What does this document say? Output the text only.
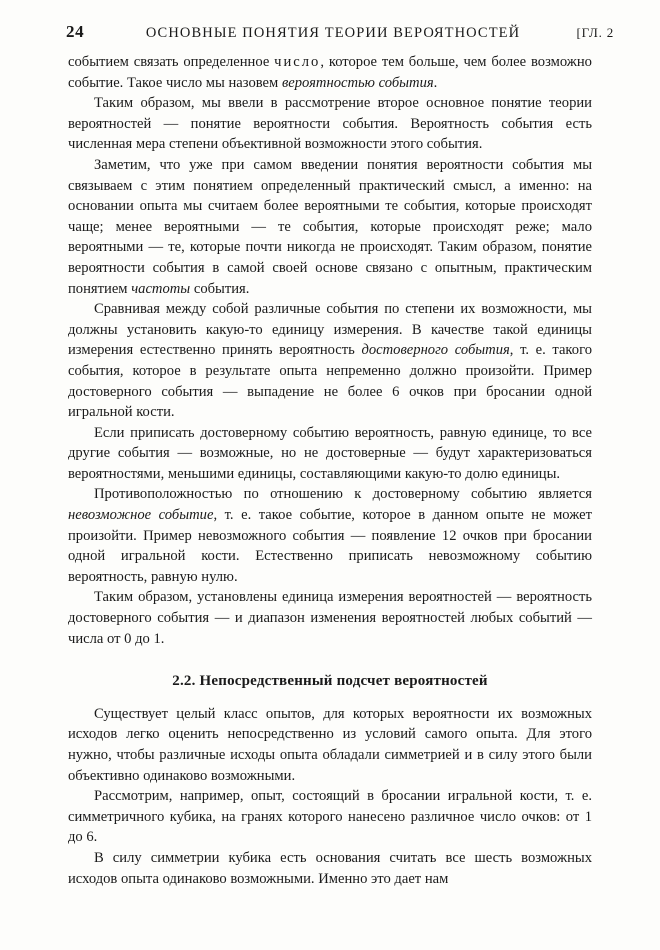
24	ОСНОВНЫЕ ПОНЯТИЯ ТЕОРИИ ВЕРОЯТНОСТЕЙ	[ГЛ. 2

событием связать определенное число, которое тем больше, чем более возможно событие. Такое число мы назовем вероятностью события.

Таким образом, мы ввели в рассмотрение второе основное понятие теории вероятностей — понятие вероятности события. Вероятность события есть численная мера степени объективной возможности этого события.

Заметим, что уже при самом введении понятия вероятности события мы связываем с этим понятием определенный практический смысл, а именно: на основании опыта мы считаем более вероятными те события, которые происходят чаще; менее вероятными — те события, которые происходят реже; мало вероятными — те, которые почти никогда не происходят. Таким образом, понятие вероятности события в самой своей основе связано с опытным, практическим понятием частоты события.

Сравнивая между собой различные события по степени их возможности, мы должны установить какую-то единицу измерения. В качестве такой единицы измерения естественно принять вероятность достоверного события, т. е. такого события, которое в результате опыта непременно должно произойти. Пример достоверного события — выпадение не более 6 очков при бросании одной игральной кости.

Если приписать достоверному событию вероятность, равную единице, то все другие события — возможные, но не достоверные — будут характеризоваться вероятностями, меньшими единицы, составляющими какую-то долю единицы.

Противоположностью по отношению к достоверному событию является невозможное событие, т. е. такое событие, которое в данном опыте не может произойти. Пример невозможного события — появление 12 очков при бросании одной игральной кости. Естественно приписать невозможному событию вероятность, равную нулю.

Таким образом, установлены единица измерения вероятностей — вероятность достоверного события — и диапазон изменения вероятностей любых событий — числа от 0 до 1.

2.2. Непосредственный подсчет вероятностей

Существует целый класс опытов, для которых вероятности их возможных исходов легко оценить непосредственно из условий самого опыта. Для этого нужно, чтобы различные исходы опыта обладали симметрией и в силу этого были объективно одинаково возможными.

Рассмотрим, например, опыт, состоящий в бросании игральной кости, т. е. симметричного кубика, на гранях которого нанесено различное число очков: от 1 до 6.

В силу симметрии кубика есть основания считать все шесть возможных исходов опыта одинаково возможными. Именно это дает нам
